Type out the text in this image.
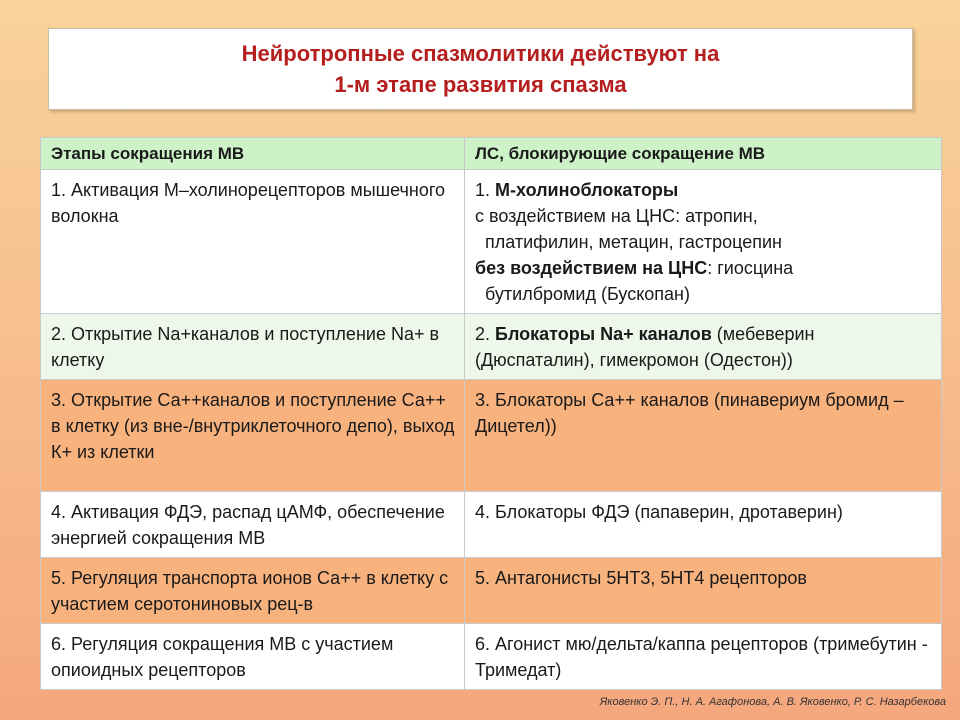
Нейротропные спазмолитики действуют на
1-м этапе развития спазма
Этапы сокращения МВ	ЛС, блокирующие сокращение МВ
1. Активация М–холинорецепторов мышечного волокна	1. М-холиноблокаторы
с воздействием на ЦНС: атропин,

платифилин, метацин, гастроцепин
без воздействием на ЦНС: гиосцина

бутилбромид (Бускопан)

2. Открытие Na+каналов и поступление Na+ в клетку	2. Блокаторы Na+ каналов (мебеверин (Дюспаталин), гимекромон (Одестон))
3. Открытие Са++каналов и поступление Са++ в клетку (из вне-/внутриклеточного депо), выход К+ из клетки	3. Блокаторы Са++ каналов (пинавериум бромид – Дицетел))
4. Активация ФДЭ, распад цАМФ, обеспечение энергией сокращения МВ	4. Блокаторы ФДЭ (папаверин, дротаверин)
5. Регуляция транспорта ионов Са++ в клетку с участием серотониновых рец-в	5. Антагонисты 5НТ3, 5НТ4 рецепторов
6. Регуляция сокращения МВ с участием опиоидных рецепторов	6. Агонист мю/дельта/каппа рецепторов (тримебутин - Тримедат)
Яковенко Э. П., Н. А. Агафонова, А. В. Яковенко, Р. С. Назарбекова
